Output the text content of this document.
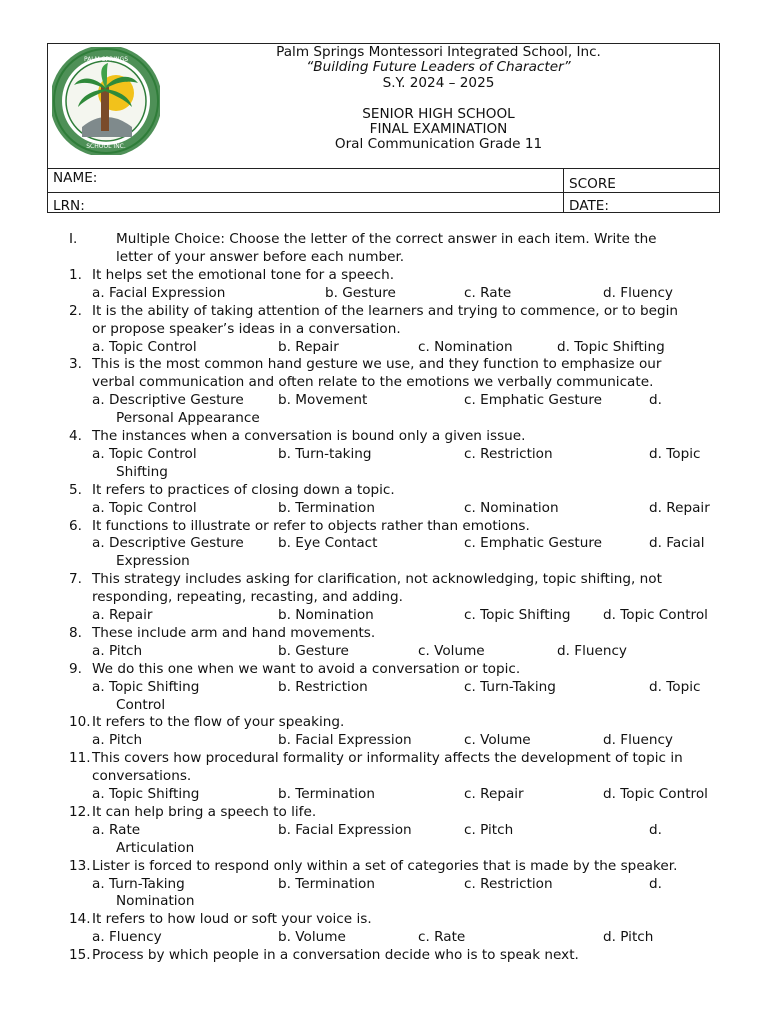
PALM SPRINGS
SCHOOL INC.
Palm Springs Montessori Integrated School, Inc.
“Building Future Leaders of Character”
S.Y. 2024 – 2025
SENIOR HIGH SCHOOL
FINAL EXAMINATION
Oral Communication Grade 11
NAME:	SCORE
LRN:	DATE:
I.	Multiple Choice: Choose the letter of the correct answer in each item. Write the
letter of your answer before each number.
1. It helps set the emotional tone for a speech.
a. Facial Expression	b. Gesture	c. Rate	d. Fluency
2. It is the ability of taking attention of the learners and trying to commence, or to begin
or propose speaker’s ideas in a conversation.
a. Topic Control	b. Repair	c. Nomination	d. Topic Shifting
3. This is the most common hand gesture we use, and they function to emphasize our
verbal communication and often relate to the emotions we verbally communicate.
a. Descriptive Gesture	b. Movement	c. Emphatic Gesture	d.
Personal Appearance
4. The instances when a conversation is bound only a given issue.
a. Topic Control	b. Turn-taking	c. Restriction	d. Topic
Shifting
5. It refers to practices of closing down a topic.
a. Topic Control	b. Termination	c. Nomination	d. Repair
6. It functions to illustrate or refer to objects rather than emotions.
a. Descriptive Gesture	b. Eye Contact	c. Emphatic Gesture	d. Facial
Expression
7. This strategy includes asking for clarification, not acknowledging, topic shifting, not
responding, repeating, recasting, and adding.
a. Repair	b. Nomination	c. Topic Shifting d. Topic Control
8. These include arm and hand movements.
a. Pitch	b. Gesture	c. Volume	d. Fluency
9. We do this one when we want to avoid a conversation or topic.
a. Topic Shifting	b. Restriction	c. Turn-Taking	d. Topic
Control
10. It refers to the flow of your speaking.
a. Pitch	b. Facial Expression	c. Volume	d. Fluency
11. This covers how procedural formality or informality affects the development of topic in
conversations.
a. Topic Shifting	b. Termination	c. Repair	d. Topic Control
12. It can help bring a speech to life.
a. Rate	b. Facial Expression	c. Pitch	d.
Articulation
13. Lister is forced to respond only within a set of categories that is made by the speaker.
a. Turn-Taking	b. Termination	c. Restriction	d.
Nomination
14. It refers to how loud or soft your voice is.
a. Fluency	b. Volume	c. Rate	d. Pitch
15. Process by which people in a conversation decide who is to speak next.
